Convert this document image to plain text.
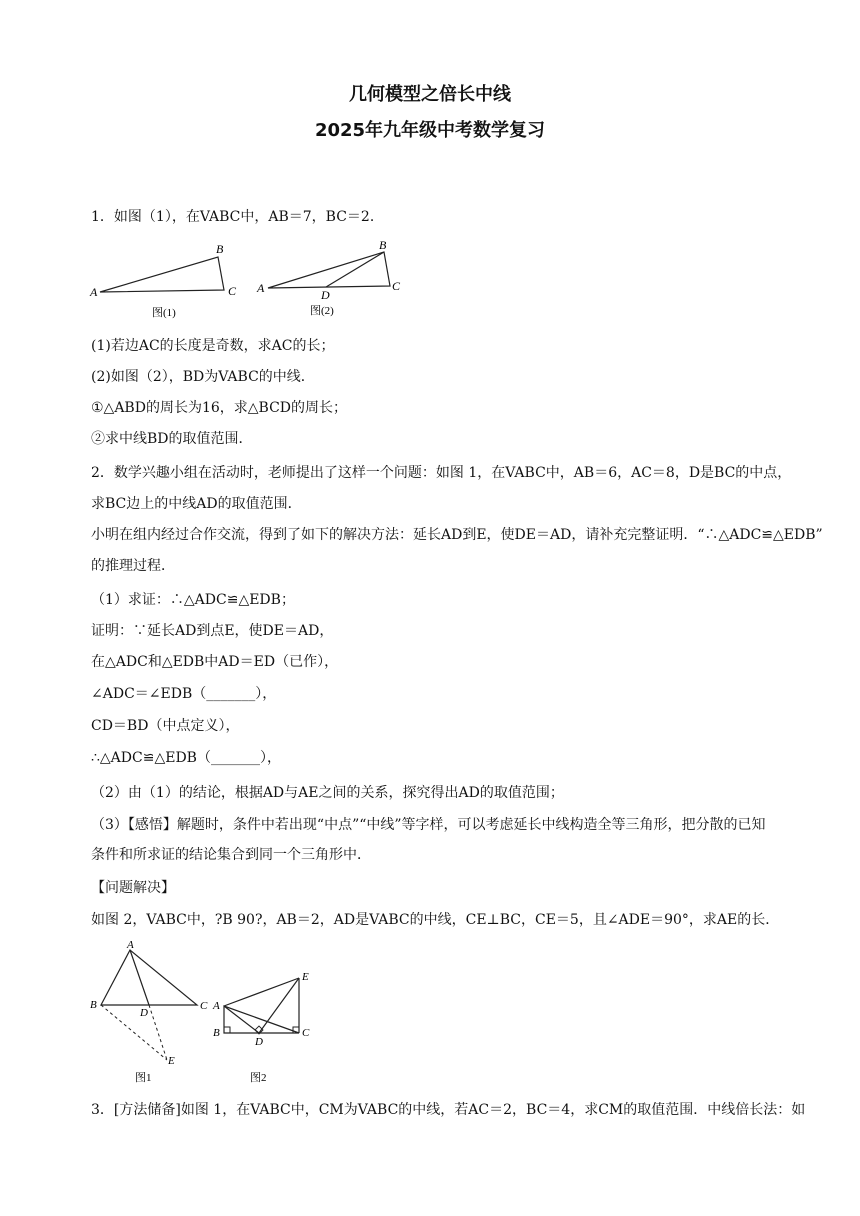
几何模型之倍长中线
2025年九年级中考数学复习
1．如图（1），在VABC中，AB＝7，BC＝2．
A
B
C
图(1)
A
B
C
D
图(2)
(1)若边AC的长度是奇数，求AC的长；
(2)如图（2），BD为VABC的中线．
①△ABD的周长为16，求△BCD的周长；
②求中线BD的取值范围．
2．数学兴趣小组在活动时，老师提出了这样一个问题：如图 1，在VABC中，AB＝6，AC＝8，D是BC的中点，
求BC边上的中线AD的取值范围．
小明在组内经过合作交流，得到了如下的解决方法：延长AD到E，使DE＝AD，请补充完整证明．“∴△ADC≌△EDB”
的推理过程．
（1）求证：∴△ADC≌△EDB；
证明：∵延长AD到点E，使DE＝AD，
在△ADC和△EDB中AD＝ED（已作），
∠ADC＝∠EDB（_______），
CD＝BD（中点定义），
∴△ADC≌△EDB（_______），
（2）由（1）的结论，根据AD与AE之间的关系，探究得出AD的取值范围；
（3）【感悟】解题时，条件中若出现“中点”“中线”等字样，可以考虑延长中线构造全等三角形，把分散的已知条件和所求证的结论集合到同一个三角形中．
【问题解决】
如图 2，VABC中，?B 90?，AB＝2，AD是VABC的中线，CE⊥BC，CE＝5，且∠ADE＝90°，求AE的长．
A
B	C
D
E
图1
A
B	C
D
E
图2
3．[方法储备]如图 1，在VABC中，CM为VABC的中线，若AC＝2，BC＝4，求CM的取值范围．中线倍长法：如
